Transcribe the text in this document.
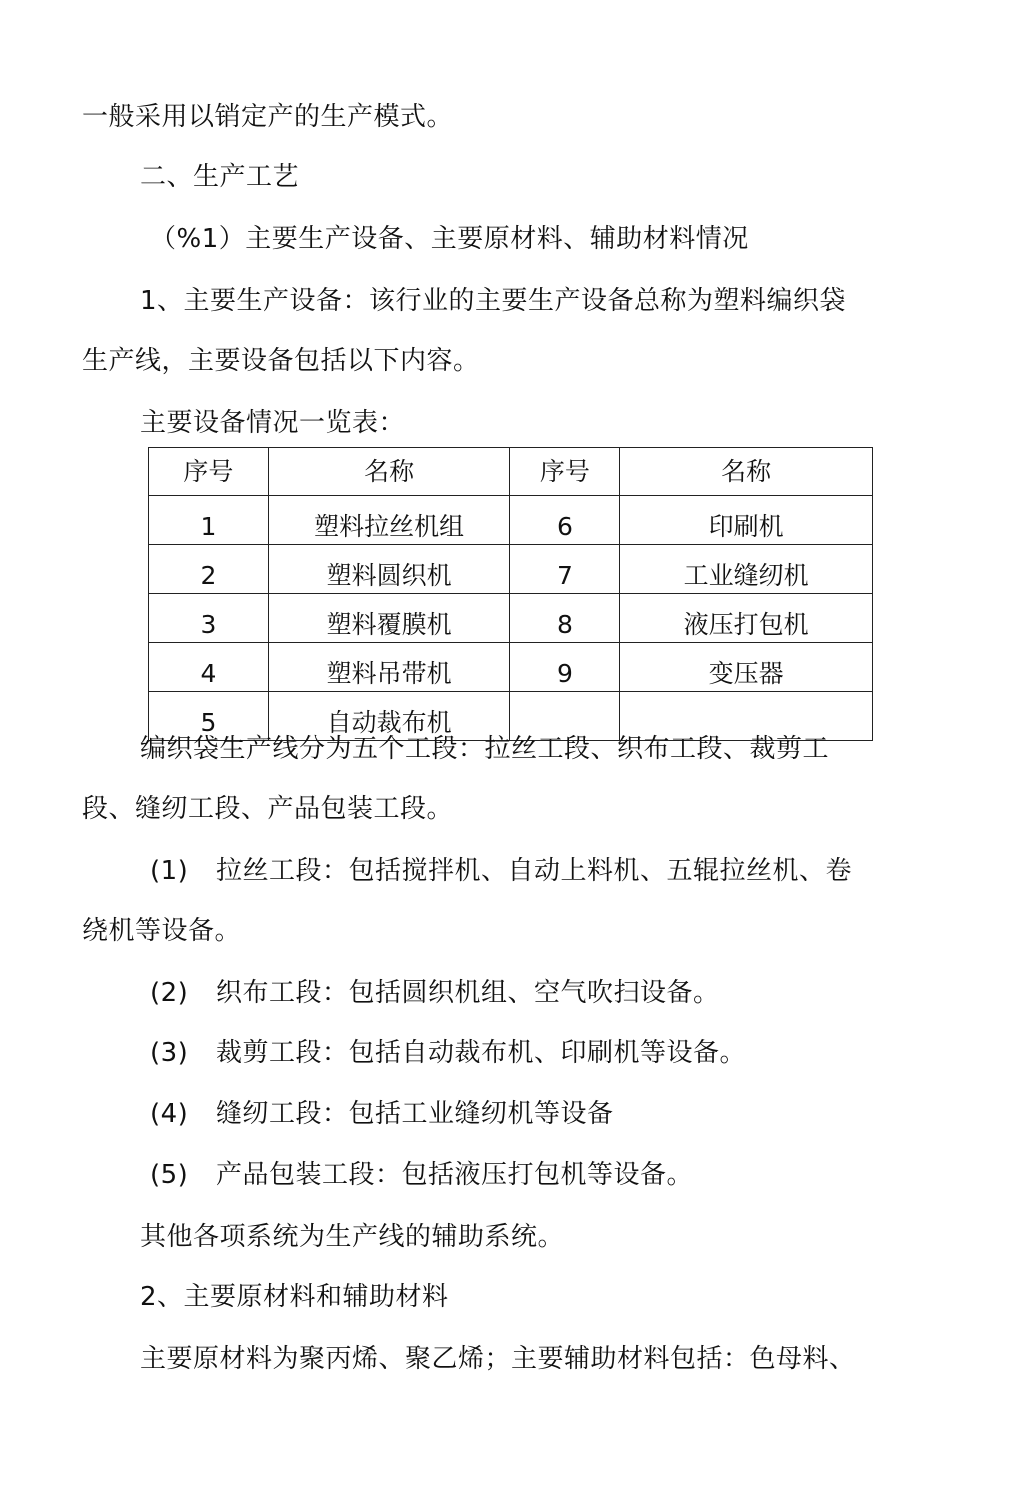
一般采用以销定产的生产模式。
二、生产工艺
（%1）主要生产设备、主要原材料、辅助材料情况
1、主要生产设备：该行业的主要生产设备总称为塑料编织袋
生产线，主要设备包括以下内容。
主要设备情况一览表：
序号	名称	序号	名称
1	塑料拉丝机组	6	印刷机
2	塑料圆织机	7	工业缝纫机
3	塑料覆膜机	8	液压打包机
4	塑料吊带机	9	变压器
5	自动裁布机		
编织袋生产线分为五个工段：拉丝工段、织布工段、裁剪工
段、缝纫工段、产品包装工段。
(1) 拉丝工段：包括搅拌机、自动上料机、五辊拉丝机、卷
绕机等设备。
(2) 织布工段：包括圆织机组、空气吹扫设备。
(3) 裁剪工段：包括自动裁布机、印刷机等设备。
(4) 缝纫工段：包括工业缝纫机等设备
(5) 产品包装工段：包括液压打包机等设备。
其他各项系统为生产线的辅助系统。
2、主要原材料和辅助材料
主要原材料为聚丙烯、聚乙烯；主要辅助材料包括：色母料、
